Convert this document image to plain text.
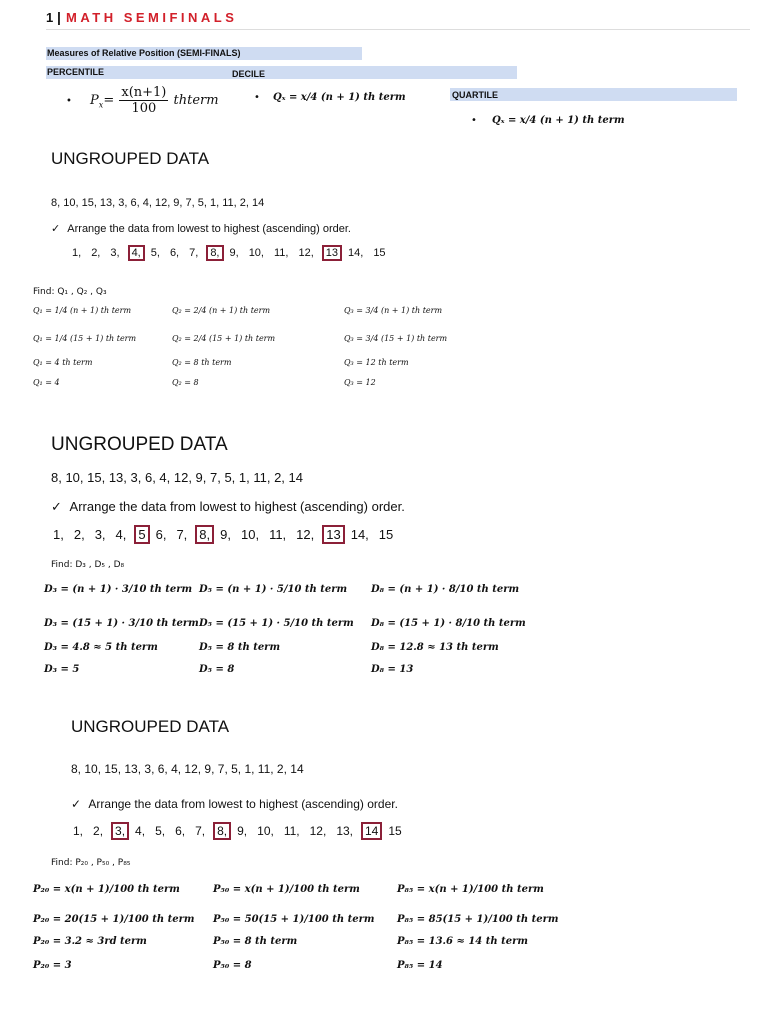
1 | MATH SEMIFINALS
Measures of Relative Position (SEMI-FINALS)
PERCENTILE	DECILE
QUARTILE
• $P_x= \frac{x(n+1)}{100}$ thterm	• Qₓ = x/4 (n + 1) th term
• Qₓ = x/4 (n + 1) th term
UNGROUPED DATA
8, 10, 15, 13, 3, 6, 4, 12, 9, 7, 5, 1, 11, 2, 14
✓ Arrange the data from lowest to highest (ascending) order.
1, 2, 3, 4, 5, 6, 7, 8, 9, 10, 11, 12, 13 14, 15
Find: Q₁ , Q₂ , Q₃
Q₁ = 1/4 (n + 1) th term
Q₁ = 1/4 (15 + 1) th term
Q₁ = 4 th term
Q₁ = 4
Q₂ = 2/4 (n + 1) th term
Q₂ = 2/4 (15 + 1) th term
Q₂ = 8 th term
Q₂ = 8
Q₃ = 3/4 (n + 1) th term
Q₃ = 3/4 (15 + 1) th term
Q₃ = 12 th term
Q₃ = 12
UNGROUPED DATA
8, 10, 15, 13, 3, 6, 4, 12, 9, 7, 5, 1, 11, 2, 14
✓ Arrange the data from lowest to highest (ascending) order.
1, 2, 3, 4, 5 6, 7, 8, 9, 10, 11, 12, 13 14, 15
Find: D₃ , D₅ , D₈
D₃ = (n + 1) · 3/10 th term
D₃ = (15 + 1) · 3/10 th term
D₃ = 4.8 ≈ 5 th term
D₃ = 5
D₅ = (n + 1) · 5/10 th term
D₅ = (15 + 1) · 5/10 th term
D₅ = 8 th term
D₅ = 8
D₈ = (n + 1) · 8/10 th term
D₈ = (15 + 1) · 8/10 th term
D₈ = 12.8 ≈ 13 th term
D₈ = 13
UNGROUPED DATA
8, 10, 15, 13, 3, 6, 4, 12, 9, 7, 5, 1, 11, 2, 14
✓ Arrange the data from lowest to highest (ascending) order.
1, 2, 3, 4, 5, 6, 7, 8, 9, 10, 11, 12, 13, 14 15
Find: P₂₀ , P₅₀ , P₈₅
P₂₀ = x(n + 1)/100 th term
P₂₀ = 20(15 + 1)/100 th term
P₂₀ = 3.2 ≈ 3rd term
P₂₀ = 3
P₅₀ = x(n + 1)/100 th term
P₅₀ = 50(15 + 1)/100 th term
P₅₀ = 8 th term
P₅₀ = 8
P₈₅ = x(n + 1)/100 th term
P₈₅ = 85(15 + 1)/100 th term
P₈₅ = 13.6 ≈ 14 th term
P₈₅ = 14
